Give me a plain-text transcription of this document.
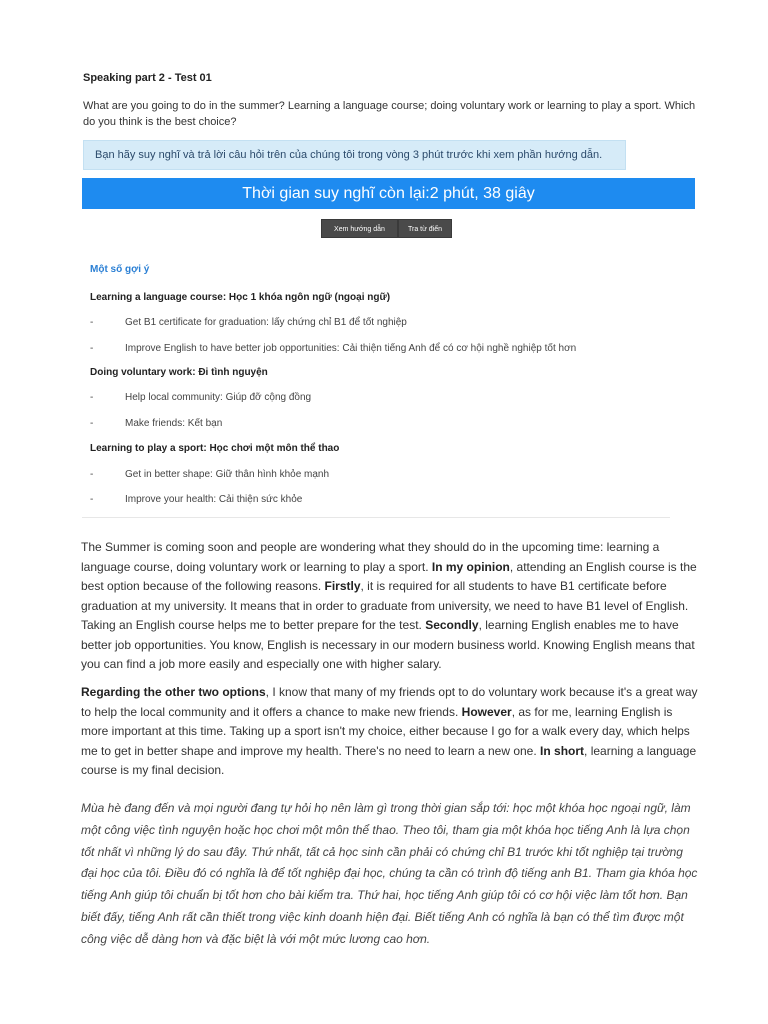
Speaking part 2 - Test 01
What are you going to do in the summer? Learning a language course; doing voluntary work or learning to play a sport. Which do you think is the best choice?
Bạn hãy suy nghĩ và trả lời câu hỏi trên của chúng tôi trong vòng 3 phút trước khi xem phần hướng dẫn.
Thời gian suy nghĩ còn lại:2 phút, 38 giây
Xem hướng dẫn	Tra từ điển
Một số gợi ý
Learning a language course: Học 1 khóa ngôn ngữ (ngoại ngữ)
-	Get B1 certificate for graduation: lấy chứng chỉ B1 để tốt nghiệp
-	Improve English to have better job opportunities: Cải thiện tiếng Anh để có cơ hội nghề nghiệp tốt hơn
Doing voluntary work: Đi tình nguyện
-	Help local community: Giúp đỡ cộng đồng
-	Make friends: Kết bạn
Learning to play a sport: Học chơi một môn thể thao
-	Get in better shape: Giữ thân hình khỏe mạnh
-	Improve your health: Cải thiện sức khỏe
The Summer is coming soon and people are wondering what they should do in the upcoming time: learning a language course, doing voluntary work or learning to play a sport. In my opinion, attending an English course is the best option because of the following reasons. Firstly, it is required for all students to have B1 certificate before graduation at my university. It means that in order to graduate from university, we need to have B1 level of English. Taking an English course helps me to better prepare for the test. Secondly, learning English enables me to have better job opportunities. You know, English is necessary in our modern business world. Knowing English means that you can find a job more easily and especially one with higher salary.
Regarding the other two options, I know that many of my friends opt to do voluntary work because it's a great way to help the local community and it offers a chance to make new friends. However, as for me, learning English is more important at this time. Taking up a sport isn't my choice, either because I go for a walk every day, which helps me to get in better shape and improve my health. There's no need to learn a new one. In short, learning a language course is my final decision.
Mùa hè đang đến và mọi người đang tự hỏi họ nên làm gì trong thời gian sắp tới: học một khóa học ngoại ngữ, làm một công việc tình nguyện hoặc học chơi một môn thể thao. Theo tôi, tham gia một khóa học tiếng Anh là lựa chọn tốt nhất vì những lý do sau đây. Thứ nhất, tất cả học sinh cần phải có chứng chỉ B1 trước khi tốt nghiệp tại trường đại học của tôi. Điều đó có nghĩa là để tốt nghiệp đại học, chúng ta cần có trình độ tiếng anh B1. Tham gia khóa học tiếng Anh giúp tôi chuẩn bị tốt hơn cho bài kiểm tra. Thứ hai, học tiếng Anh giúp tôi có cơ hội việc làm tốt hơn. Bạn biết đấy, tiếng Anh rất cần thiết trong việc kinh doanh hiện đại. Biết tiếng Anh có nghĩa là bạn có thể tìm được một công việc dễ dàng hơn và đặc biệt là với một mức lương cao hơn.
